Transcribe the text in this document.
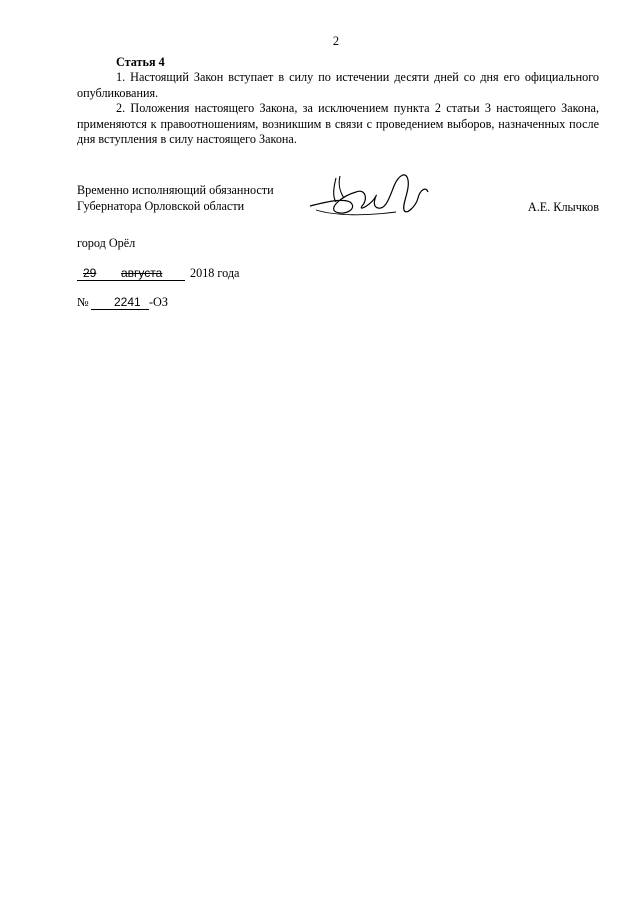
2
Статья 4

1. Настоящий Закон вступает в силу по истечении десяти дней со дня его официального опубликования.

2. Положения настоящего Закона, за исключением пункта 2 статьи 3 настоящего Закона, применяются к правоотношениям, возникшим в связи с проведением выборов, назначенных после дня вступления в силу настоящего Закона.

Временно исполняющий обязанности
Губернатора Орловской области	А.Е. Клычков
город Орёл
29 августа 2018 года
№ 2241 -ОЗ
